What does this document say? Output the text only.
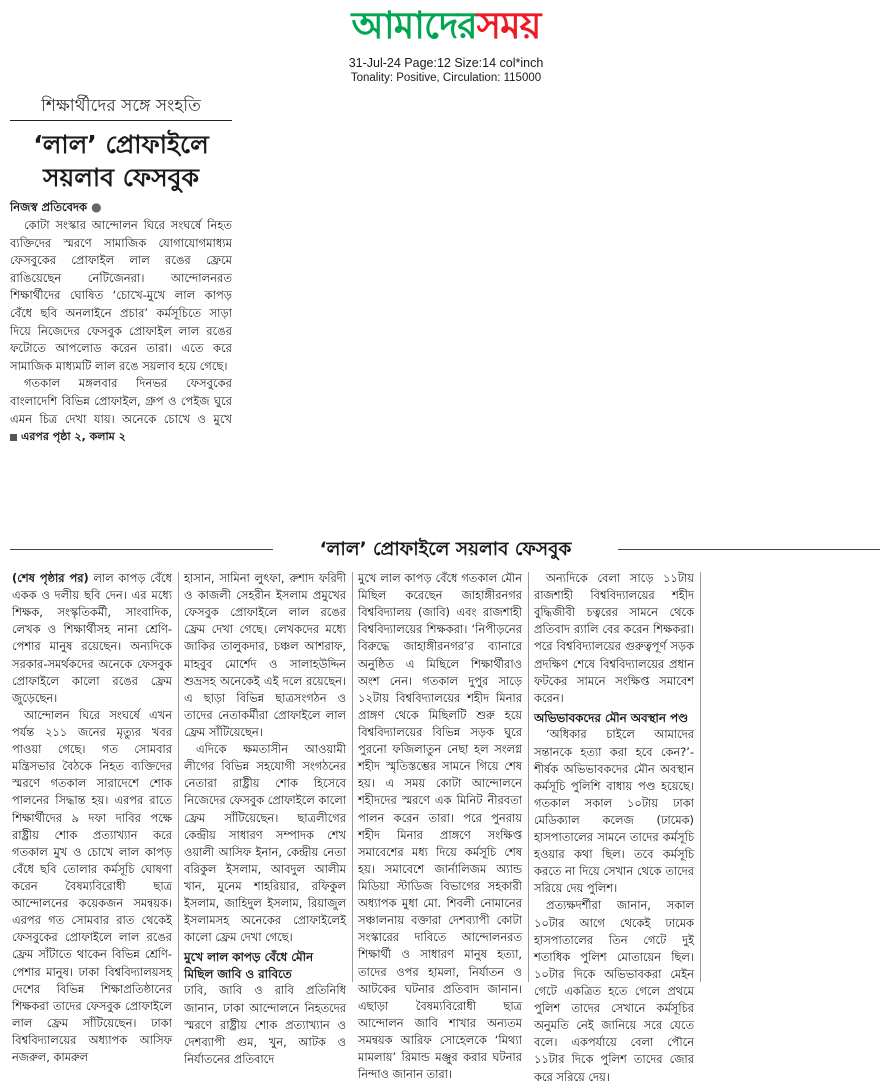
আমাদেরসময়
31-Jul-24 Page:12 Size:14 col*inch
Tonality: Positive, Circulation: 115000
শিক্ষার্থীদের সঙ্গে সংহতি
‘লাল’ প্রোফাইলে
সয়লাব ফেসবুক
নিজস্ব প্রতিবেদক ●

কোটা সংস্কার আন্দোলন ঘিরে সংঘর্ষে নিহত ব্যক্তিদের স্মরণে সামাজিক যোগাযোগমাধ্যম ফেসবুকের প্রোফাইল লাল রঙের ফ্রেমে রাঙিয়েছেন নেটিজেনরা। আন্দোলনরত শিক্ষার্থীদের ঘোষিত ‘চোখে-মুখে লাল কাপড় বেঁধে ছবি অনলাইনে প্রচার’ কর্মসূচিতে সাড়া দিয়ে নিজেদের ফেসবুক প্রোফাইল লাল রঙের ফটোতে আপলোড করেন তারা। এতে করে সামাজিক মাধ্যমটি লাল রঙে সয়লাব হয়ে গেছে।

গতকাল মঙ্গলবার দিনভর ফেসবুকের বাংলাদেশি বিভিন্ন প্রোফাইল, গ্রুপ ও পেইজ ঘুরে এমন চিত্র দেখা যায়। অনেকে চোখে ও মুখে এরপর পৃষ্ঠা ২, কলাম ২

‘লাল’ প্রোফাইলে সয়লাব ফেসবুক

(শেষ পৃষ্ঠার পর) লাল কাপড় বেঁধে একক ও দলীয় ছবি দেন। এর মধ্যে শিক্ষক, সংস্কৃতিকর্মী, সাংবাদিক, লেখক ও শিক্ষার্থীসহ নানা শ্রেণি-পেশার মানুষ রয়েছেন। অন্যদিকে সরকার-সমর্থকদের অনেকে ফেসবুক প্রোফাইলে কালো রঙের ফ্রেম জুড়েছেন।

আন্দোলন ঘিরে সংঘর্ষে এখন পর্যন্ত ২১১ জনের মৃত্যুর খবর পাওয়া গেছে। গত সোমবার মন্ত্রিসভার বৈঠকে নিহত ব্যক্তিদের স্মরণে গতকাল সারাদেশে শোক পালনের সিদ্ধান্ত হয়। এরপর রাতে শিক্ষার্থীদের ৯ দফা দাবির পক্ষে রাষ্ট্রীয় শোক প্রত্যাখ্যান করে গতকাল মুখ ও চোখে লাল কাপড় বেঁধে ছবি তোলার কর্মসূচি ঘোষণা করেন বৈষম্যবিরোধী ছাত্র আন্দোলনের কয়েকজন সমন্বয়ক। এরপর গত সোমবার রাত থেকেই ফেসবুকের প্রোফাইলে লাল রঙের ফ্রেম সাঁটাতে থাকেন বিভিন্ন শ্রেণি-পেশার মানুষ। ঢাকা বিশ্ববিদ্যালয়সহ দেশের বিভিন্ন শিক্ষাপ্রতিষ্ঠানের শিক্ষকরা তাদের ফেসবুক প্রোফাইলে লাল ফ্রেম সাঁটিয়েছেন। ঢাকা বিশ্ববিদ্যালয়ের অধ্যাপক আসিফ নজরুল, কামরুল

হাসান, সামিনা লুৎফা, রুশাদ ফরিদী ও কাজলী সেহরীন ইসলাম প্রমুখের ফেসবুক প্রোফাইলে লাল রঙের ফ্রেম দেখা গেছে। লেখকদের মধ্যে জাকির তালুকদার, চঞ্চল আশরাফ, মাহবুব মোর্শেদ ও সালাহউদ্দিন শুভ্রসহ অনেকেই এই দলে রয়েছেন। এ ছাড়া বিভিন্ন ছাত্রসংগঠন ও তাদের নেতাকর্মীরা প্রোফাইলে লাল ফ্রেম সাঁটিয়েছেন।

এদিকে ক্ষমতাসীন আওয়ামী লীগের বিভিন্ন সহযোগী সংগঠনের নেতারা রাষ্ট্রীয় শোক হিসেবে নিজেদের ফেসবুক প্রোফাইলে কালো ফ্রেম সাঁটিয়েছেন। ছাত্রলীগের কেন্দ্রীয় সাধারণ সম্পাদক শেখ ওয়ালী আসিফ ইনান, কেন্দ্রীয় নেতা বরিকুল ইসলাম, আবদুল আলীম খান, মুনেম শাহরিয়ার, রফিকুল ইসলাম, জাহিদুল ইসলাম, রিয়াজুল ইসলামসহ অনেকের প্রোফাইলেই কালো ফ্রেম দেখা গেছে।

মুখে লাল কাপড় বেঁধে মৌন মিছিল জাবি ও রাবিতে

ঢাবি, জাবি ও রাবি প্রতিনিধি জানান, ঢাকা আন্দোলনে নিহতদের স্মরণে রাষ্ট্রীয় শোক প্রত্যাখ্যান ও দেশব্যাপী গুম, খুন, আটক ও নির্যাতনের প্রতিবাদে

মুখে লাল কাপড় বেঁধে গতকাল মৌন মিছিল করেছেন জাহাঙ্গীরনগর বিশ্ববিদ্যালয় (জাবি) এবং রাজশাহী বিশ্ববিদ্যালয়ের শিক্ষকরা। ‘নিপীড়নের বিরুদ্ধে জাহাঙ্গীরনগর’র ব্যানারে অনুষ্ঠিত এ মিছিলে শিক্ষার্থীরাও অংশ নেন। গতকাল দুপুর সাড়ে ১২টায় বিশ্ববিদ্যালয়ের শহীদ মিনার প্রাঙ্গণ থেকে মিছিলটি শুরু হয়ে বিশ্ববিদ্যালয়ের বিভিন্ন সড়ক ঘুরে পুরনো ফজিলাতুন নেছা হল সংলগ্ন শহীদ স্মৃতিস্তম্ভের সামনে গিয়ে শেষ হয়। এ সময় কোটা আন্দোলনে শহীদদের স্মরণে এক মিনিট নীরবতা পালন করেন তারা। পরে পুনরায় শহীদ মিনার প্রাঙ্গণে সংক্ষিপ্ত সমাবেশের মধ্য দিয়ে কর্মসূচি শেষ হয়। সমাবেশে জার্নালিজম অ্যান্ড মিডিয়া স্টাডিজ বিভাগের সহকারী অধ্যাপক মুধা মো. শিবলী নোমানের সঞ্চালনায় বক্তারা দেশব্যাপী কোটা সংস্কারের দাবিতে আন্দোলনরত শিক্ষার্থী ও সাধারণ মানুষ হত্যা, তাদের ওপর হামলা, নির্যাতন ও আটকের ঘটনার প্রতিবাদ জানান। এছাড়া বৈষম্যবিরোধী ছাত্র আন্দোলন জাবি শাখার অন্যতম সমন্বয়ক আরিফ সোহেলকে ‘মিথ্যা মামলায়’ রিমান্ড মঞ্জুর করার ঘটনার নিন্দাও জানান তারা।

অন্যদিকে বেলা সাড়ে ১১টায় রাজশাহী বিশ্ববিদ্যালয়ের শহীদ বুদ্ধিজীবী চত্বরের সামনে থেকে প্রতিবাদ র‍্যালি বের করেন শিক্ষকরা। পরে বিশ্ববিদ্যালয়ের গুরুত্বপূর্ণ সড়ক প্রদক্ষিণ শেষে বিশ্ববিদ্যালয়ের প্রধান ফটকের সামনে সংক্ষিপ্ত সমাবেশ করেন।

অভিভাবকদের মৌন অবস্থান পণ্ড

‘অধিকার চাইলে আমাদের সন্তানকে হত্যা করা হবে কেন?’- শীর্ষক অভিভাবকদের মৌন অবস্থান কর্মসূচি পুলিশি বাধায় পণ্ড হয়েছে। গতকাল সকাল ১০টায় ঢাকা মেডিক্যাল কলেজ (ঢামেক) হাসপাতালের সামনে তাদের কর্মসূচি হওয়ার কথা ছিল। তবে কর্মসূচি করতে না দিয়ে সেখান থেকে তাদের সরিয়ে দেয় পুলিশ।

প্রত্যক্ষদর্শীরা জানান, সকাল ১০টার আগে থেকেই ঢামেক হাসপাতালের তিন গেটে দুই শতাধিক পুলিশ মোতায়েন ছিল। ১০টার দিকে অভিভাবকরা মেইন গেটে একত্রিত হতে গেলে প্রথমে পুলিশ তাদের সেখানে কর্মসূচির অনুমতি নেই জানিয়ে সরে যেতে বলে। একপর্যায়ে বেলা পৌনে ১১টার দিকে পুলিশ তাদের জোর করে সরিয়ে দেয়।
